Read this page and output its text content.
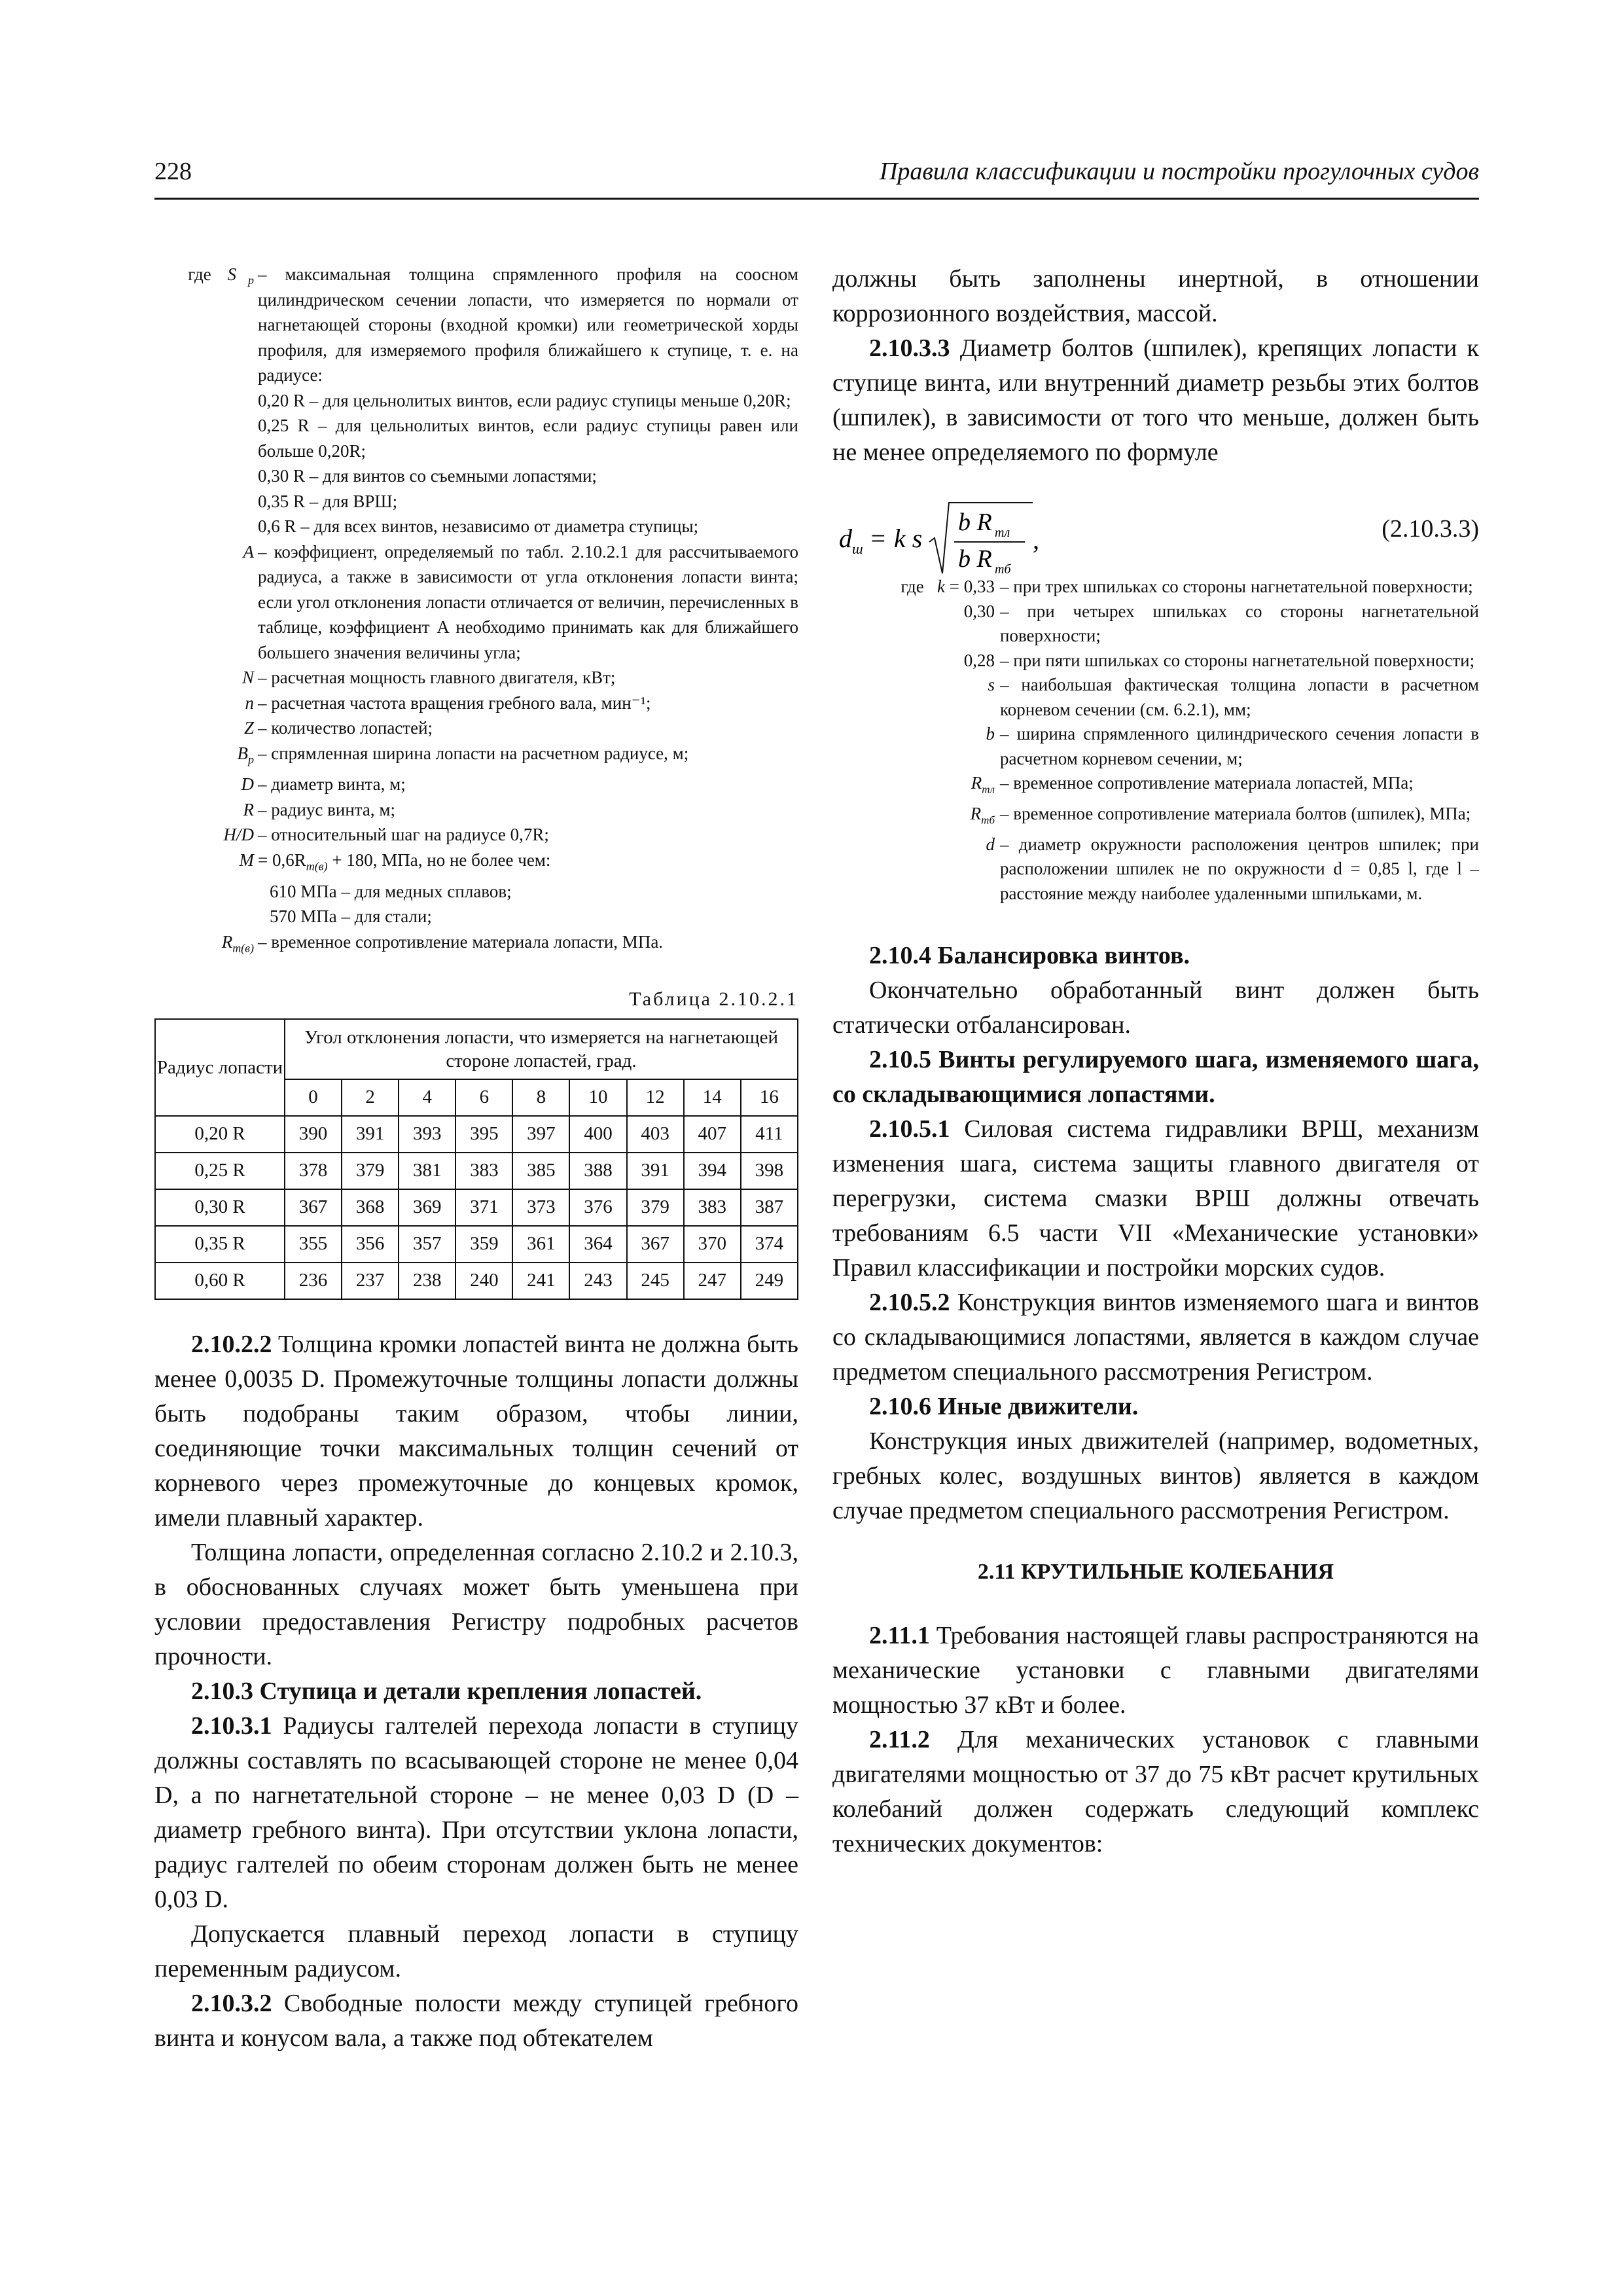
228	Правила классификации и постройки прогулочных судов
где S $_р$ – максимальная толщина спрямленного профиля на соосном цилиндрическом сечении лопасти, что измеряется по нормали от нагнетающей стороны (входной кромки) или геометрической хорды профиля, для измеряемого профиля ближайшего к ступице, т. е. на радиусе:
0,20 R – для цельнолитых винтов, если радиус ступицы меньше 0,20R;
0,25 R – для цельнолитых винтов, если радиус ступицы равен или больше 0,20R;
0,30 R – для винтов со съемными лопастями;
0,35 R – для ВРШ;
0,6 R – для всех винтов, независимо от диаметра ступицы;
A – коэффициент, определяемый по табл. 2.10.2.1 для рассчитываемого радиуса, а также в зависимости от угла отклонения лопасти винта; если угол отклонения лопасти отличается от величин, перечисленных в таблице, коэффициент A необходимо принимать как для ближайшего большего значения величины угла;
N – расчетная мощность главного двигателя, кВт;
n – расчетная частота вращения гребного вала, мин⁻¹;
Z – количество лопастей;
$B_р$ – спрямленная ширина лопасти на расчетном радиусе, м;
D – диаметр винта, м;
R – радиус винта, м;
H/D – относительный шаг на радиусе 0,7R;
$M = 0,6R_{m(в)} + 180$, МПа, но не более чем:
610 МПа – для медных сплавов;
570 МПа – для стали;
$R_{m(в)}$ – временное сопротивление материала лопасти, МПа.
Таблица 2.10.2.1
Радиус лопасти	Угол отклонения лопасти, что измеряется на нагнетающей стороне лопастей, град.								
	0	2	4	6	8	10	12	14	16
0,20 R	390	391	393	395	397	400	403	407	411
0,25 R	378	379	381	383	385	388	391	394	398
0,30 R	367	368	369	371	373	376	379	383	387
0,35 R	355	356	357	359	361	364	367	370	374
0,60 R	236	237	238	240	241	243	245	247	249

2.10.2.2 Толщина кромки лопастей винта не должна быть менее 0,0035 D. Промежуточные толщины лопасти должны быть подобраны таким образом, чтобы линии, соединяющие точки максимальных толщин сечений от корневого через промежуточные до концевых кромок, имели плавный характер.

Толщина лопасти, определенная согласно 2.10.2 и 2.10.3, в обоснованных случаях может быть уменьшена при условии предоставления Регистру подробных расчетов прочности.

2.10.3 Ступица и детали крепления лопастей.

2.10.3.1 Радиусы галтелей перехода лопасти в ступицу должны составлять по всасывающей стороне не менее 0,04 D, а по нагнетательной стороне – не менее 0,03 D (D – диаметр гребного винта). При отсутствии уклона лопасти, радиус галтелей по обеим сторонам должен быть не менее 0,03 D.

Допускается плавный переход лопасти в ступицу переменным радиусом.

2.10.3.2 Свободные полости между ступицей гребного винта и конусом вала, а также под обтекателем

должны быть заполнены инертной, в отношении коррозионного воздействия, массой.

2.10.3.3 Диаметр болтов (шпилек), крепящих лопасти к ступице винта, или внутренний диаметр резьбы этих болтов (шпилек), в зависимости от того что меньше, должен быть не менее определяемого по формуле

d ш = k s
b R тл
b R тб
,	(2.10.3.3)
где   k = 0,33 – при трех шпильках со стороны нагнетательной поверхности;
0,30 – при четырех шпильках со стороны нагнетательной поверхности;
0,28 – при пяти шпильках со стороны нагнетательной поверхности;
s – наибольшая фактическая толщина лопасти в расчетном корневом сечении (см. 6.2.1), мм;
b – ширина спрямленного цилиндрического сечения лопасти в расчетном корневом сечении, м;
$R_{тл}$ – временное сопротивление материала лопастей, МПа;
$R_{тб}$ – временное сопротивление материала болтов (шпилек), МПа;
d – диаметр окружности расположения центров шпилек; при расположении шпилек не по окружности d = 0,85 l, где l – расстояние между наиболее удаленными шпильками, м.

2.10.4 Балансировка винтов.

Окончательно обработанный винт должен быть статически отбалансирован.

2.10.5 Винты регулируемого шага, изменяемого шага, со складывающимися лопастями.

2.10.5.1 Силовая система гидравлики ВРШ, механизм изменения шага, система защиты главного двигателя от перегрузки, система смазки ВРШ должны отвечать требованиям 6.5 части VII «Механические установки» Правил классификации и постройки морских судов.

2.10.5.2 Конструкция винтов изменяемого шага и винтов со складывающимися лопастями, является в каждом случае предметом специального рассмотрения Регистром.

2.10.6 Иные движители.

Конструкция иных движителей (например, водометных, гребных колес, воздушных винтов) является в каждом случае предметом специального рассмотрения Регистром.

2.11 КРУТИЛЬНЫЕ КОЛЕБАНИЯ

2.11.1 Требования настоящей главы распространяются на механические установки с главными двигателями мощностью 37 кВт и более.

2.11.2 Для механических установок с главными двигателями мощностью от 37 до 75 кВт расчет крутильных колебаний должен содержать следующий комплекс технических документов:
